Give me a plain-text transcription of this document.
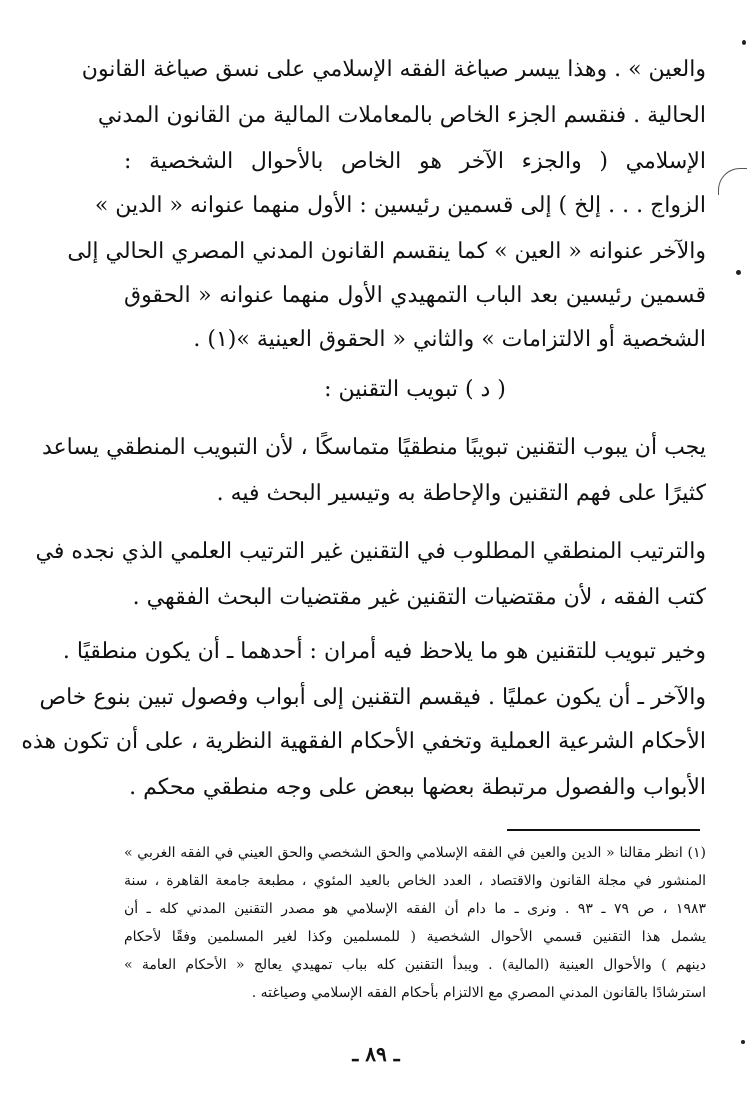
والعين » . وهذا ييسر صياغة الفقه الإسلامي على نسق صياغة القانون
الحالية . فنقسم الجزء الخاص بالمعاملات المالية من القانون المدني
الإسلامي ( والجزء الآخر هو الخاص بالأحوال الشخصية :
الزواج . . . إلخ ) إلى قسمين رئيسين : الأول منهما عنوانه « الدين »
والآخر عنوانه « العين » كما ينقسم القانون المدني المصري الحالي إلى
قسمين رئيسين بعد الباب التمهيدي الأول منهما عنوانه « الحقوق
الشخصية أو الالتزامات » والثاني « الحقوق العينية »(١) .
( د ) تبويب التقنين :
يجب أن يبوب التقنين تبويبًا منطقيًا متماسكًا ، لأن التبويب المنطقي يساعد
كثيرًا على فهم التقنين والإحاطة به وتيسير البحث فيه .
والترتيب المنطقي المطلوب في التقنين غير الترتيب العلمي الذي نجده في
كتب الفقه ، لأن مقتضيات التقنين غير مقتضيات البحث الفقهي .
وخير تبويب للتقنين هو ما يلاحظ فيه أمران : أحدهما ـ أن يكون منطقيًا .
والآخر ـ أن يكون عمليًا . فيقسم التقنين إلى أبواب وفصول تبين بنوع خاص
الأحكام الشرعية العملية وتخفي الأحكام الفقهية النظرية ، على أن تكون هذه
الأبواب والفصول مرتبطة بعضها ببعض على وجه منطقي محكم .
(١) انظر مقالنا « الدين والعين في الفقه الإسلامي والحق الشخصي والحق العيني في الفقه الغربي »
المنشور في مجلة القانون والاقتصاد ، العدد الخاص بالعيد المئوي ، مطبعة جامعة القاهرة ، سنة
١٩٨٣ ، ص ٧٩ ـ ٩٣ . ونرى ـ ما دام أن الفقه الإسلامي هو مصدر التقنين المدني كله ـ أن
يشمل هذا التقنين قسمي الأحوال الشخصية ( للمسلمين وكذا لغير المسلمين وفقًا لأحكام
دينهم ) والأحوال العينية (المالية) . ويبدأ التقنين كله بباب تمهيدي يعالج « الأحكام العامة »
استرشادًا بالقانون المدني المصري مع الالتزام بأحكام الفقه الإسلامي وصياغته .
ـ ٨٩ ـ
